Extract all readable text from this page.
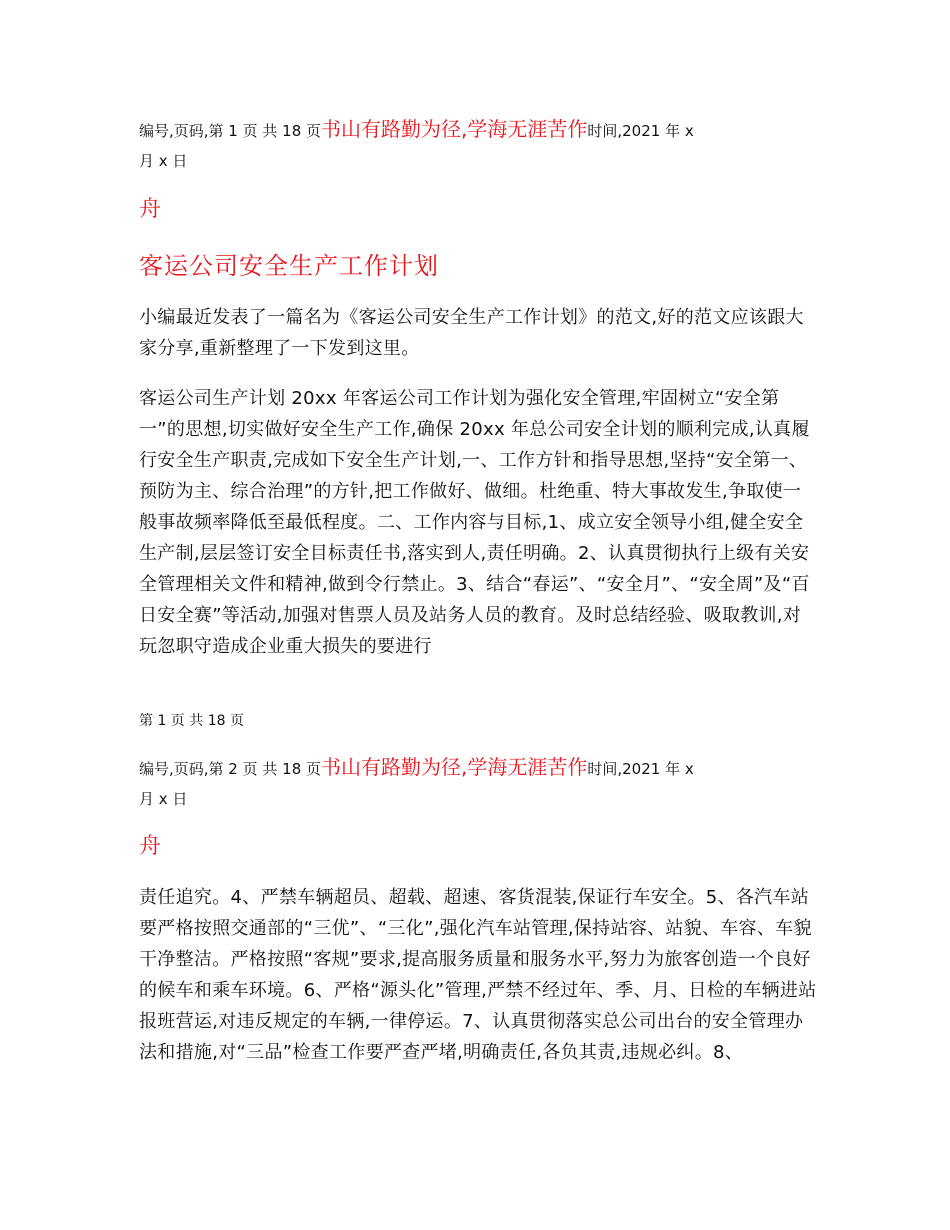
编号,页码,第 1 页 共 18 页书山有路勤为径,学海无涯苦作时间,2021 年 x
月 x 日
舟
客运公司安全生产工作计划

小编最近发表了一篇名为《客运公司安全生产工作计划》的范文,好的范文应该跟大家分享,重新整理了一下发到这里。

客运公司生产计划 20xx 年客运公司工作计划为强化安全管理,牢固树立“安全第一”的思想,切实做好安全生产工作,确保 20xx 年总公司安全计划的顺利完成,认真履行安全生产职责,完成如下安全生产计划,一、工作方针和指导思想,坚持“安全第一、预防为主、综合治理”的方针,把工作做好、做细。杜绝重、特大事故发生,争取使一般事故频率降低至最低程度。二、工作内容与目标,1、成立安全领导小组,健全安全生产制,层层签订安全目标责任书,落实到人,责任明确。2、认真贯彻执行上级有关安全管理相关文件和精神,做到令行禁止。3、结合“春运”、“安全月”、“安全周”及“百日安全赛”等活动,加强对售票人员及站务人员的教育。及时总结经验、吸取教训,对玩忽职守造成企业重大损失的要进行

第 1 页 共 18 页
编号,页码,第 2 页 共 18 页书山有路勤为径,学海无涯苦作时间,2021 年 x
月 x 日
舟

责任追究。4、严禁车辆超员、超载、超速、客货混装,保证行车安全。5、各汽车站要严格按照交通部的“三优”、“三化”,强化汽车站管理,保持站容、站貌、车容、车貌干净整洁。严格按照“客规”要求,提高服务质量和服务水平,努力为旅客创造一个良好的候车和乘车环境。6、严格“源头化”管理,严禁不经过年、季、月、日检的车辆进站报班营运,对违反规定的车辆,一律停运。7、认真贯彻落实总公司出台的安全管理办法和措施,对“三品”检查工作要严查严堵,明确责任,各负其责,违规必纠。8、
